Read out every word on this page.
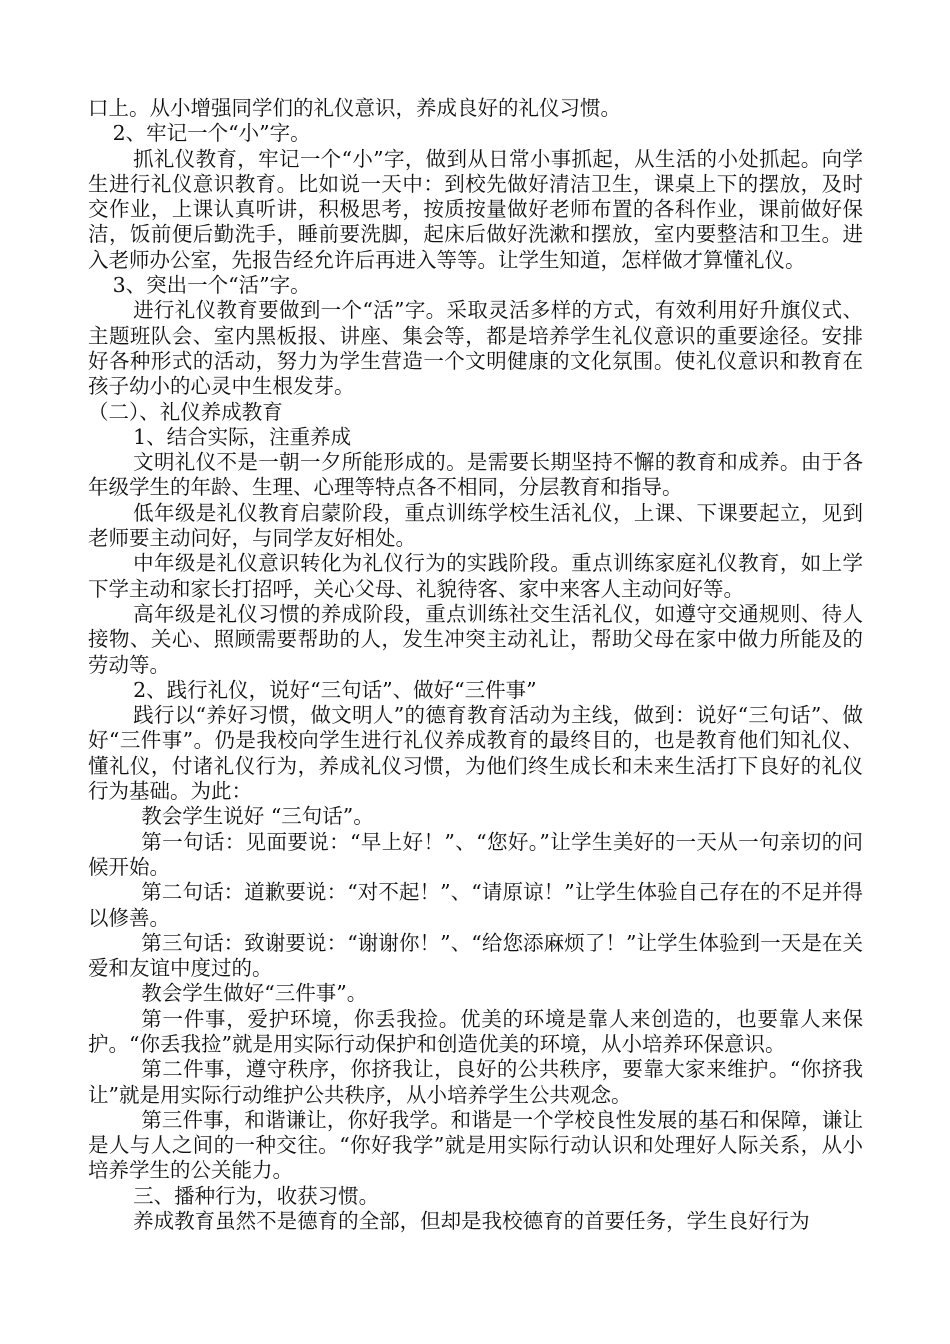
口上。从小增强同学们的礼仪意识，养成良好的礼仪习惯。

2、牢记一个“小”字。

抓礼仪教育，牢记一个“小”字，做到从日常小事抓起，从生活的小处抓起。向学生进行礼仪意识教育。比如说一天中：到校先做好清洁卫生，课桌上下的摆放，及时交作业，上课认真听讲，积极思考，按质按量做好老师布置的各科作业，课前做好保洁，饭前便后勤洗手，睡前要洗脚，起床后做好洗漱和摆放，室内要整洁和卫生。进入老师办公室，先报告经允许后再进入等等。让学生知道，怎样做才算懂礼仪。

3、突出一个“活”字。

进行礼仪教育要做到一个“活”字。采取灵活多样的方式，有效利用好升旗仪式、主题班队会、室内黑板报、讲座、集会等，都是培养学生礼仪意识的重要途径。安排好各种形式的活动，努力为学生营造一个文明健康的文化氛围。使礼仪意识和教育在孩子幼小的心灵中生根发芽。

（二）、礼仪养成教育

1、结合实际，注重养成

文明礼仪不是一朝一夕所能形成的。是需要长期坚持不懈的教育和成养。由于各年级学生的年龄、生理、心理等特点各不相同，分层教育和指导。

低年级是礼仪教育启蒙阶段，重点训练学校生活礼仪，上课、下课要起立，见到老师要主动问好，与同学友好相处。

中年级是礼仪意识转化为礼仪行为的实践阶段。重点训练家庭礼仪教育，如上学下学主动和家长打招呼，关心父母、礼貌待客、家中来客人主动问好等。

高年级是礼仪习惯的养成阶段，重点训练社交生活礼仪，如遵守交通规则、待人接物、关心、照顾需要帮助的人，发生冲突主动礼让，帮助父母在家中做力所能及的劳动等。

2、践行礼仪，说好“三句话”、做好“三件事”

践行以“养好习惯，做文明人”的德育教育活动为主线，做到：说好“三句话”、做好“三件事”。仍是我校向学生进行礼仪养成教育的最终目的，也是教育他们知礼仪、懂礼仪，付诸礼仪行为，养成礼仪习惯，为他们终生成长和未来生活打下良好的礼仪行为基础。为此：

教会学生说好 “三句话”。

第一句话：见面要说：“早上好！”、“您好。”让学生美好的一天从一句亲切的问候开始。

第二句话：道歉要说：“对不起！”、“请原谅！”让学生体验自己存在的不足并得以修善。

第三句话：致谢要说：“谢谢你！”、“给您添麻烦了！”让学生体验到一天是在关爱和友谊中度过的。

教会学生做好“三件事”。

第一件事，爱护环境，你丢我捡。优美的环境是靠人来创造的，也要靠人来保护。“你丢我捡”就是用实际行动保护和创造优美的环境，从小培养环保意识。

第二件事，遵守秩序，你挤我让，良好的公共秩序，要靠大家来维护。“你挤我让”就是用实际行动维护公共秩序，从小培养学生公共观念。

第三件事，和谐谦让，你好我学。和谐是一个学校良性发展的基石和保障，谦让是人与人之间的一种交往。“你好我学”就是用实际行动认识和处理好人际关系，从小培养学生的公关能力。

三、播种行为，收获习惯。

养成教育虽然不是德育的全部，但却是我校德育的首要任务，学生良好行为
